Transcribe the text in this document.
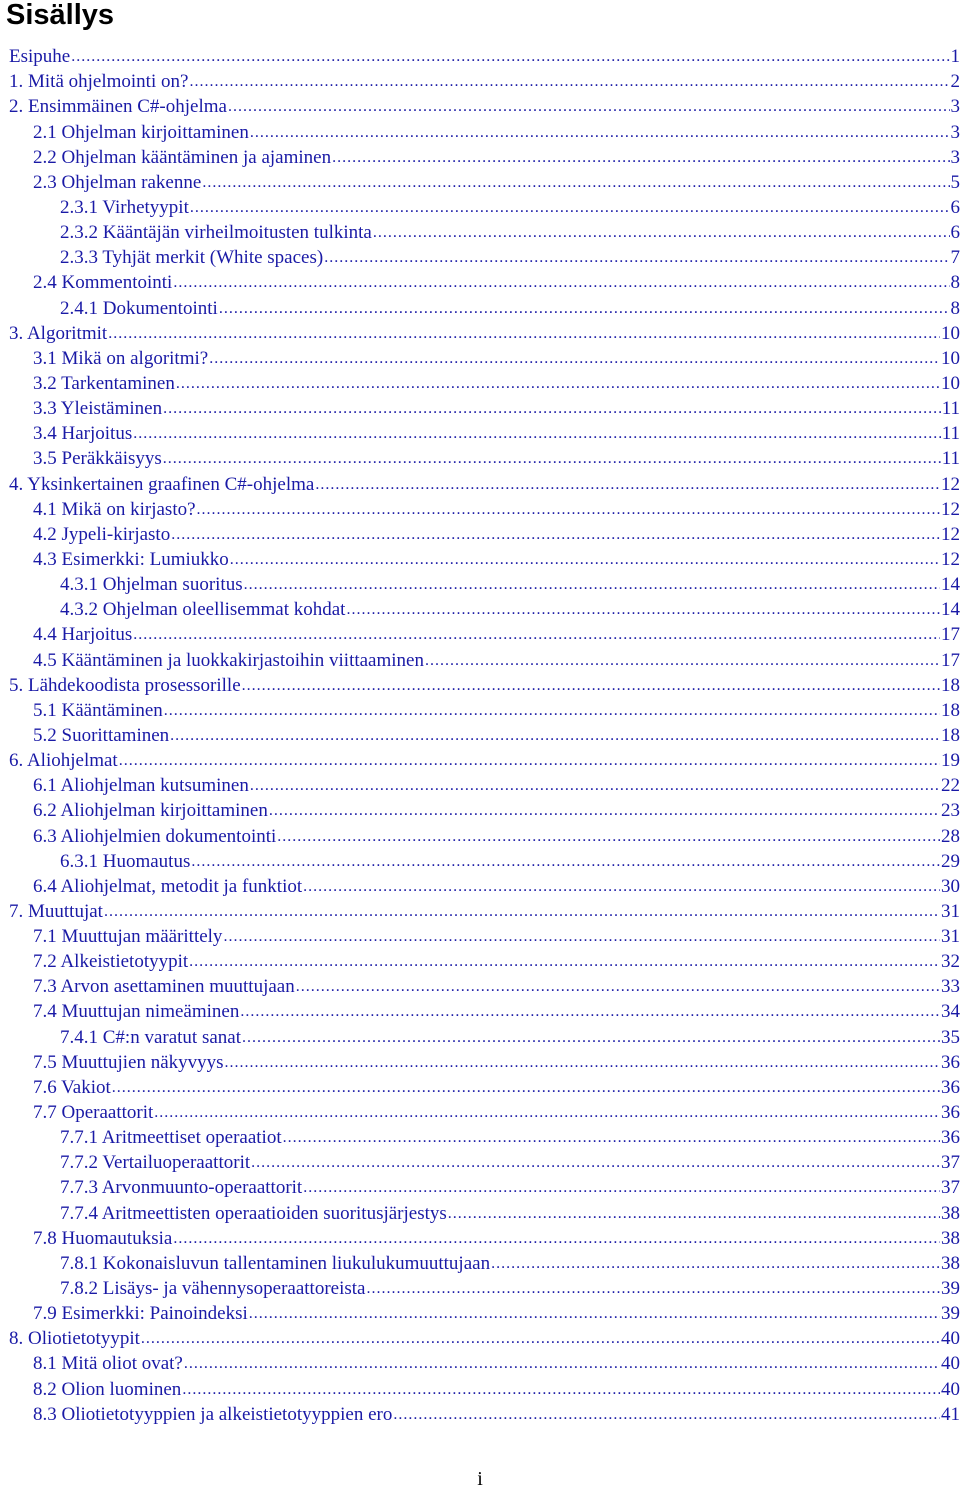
Sisällys
Esipuhe .....	1
1. Mitä ohjelmointi on? .....	2
2. Ensimmäinen C#-ohjelma .....	3
2.1 Ohjelman kirjoittaminen .....	3
2.2 Ohjelman kääntäminen ja ajaminen .....	3
2.3 Ohjelman rakenne .....	5
2.3.1 Virhetyypit .....	6
2.3.2 Kääntäjän virheilmoitusten tulkinta .....	6
2.3.3 Tyhjät merkit (White spaces) .....	7
2.4 Kommentointi .....	8
2.4.1 Dokumentointi .....	8
3. Algoritmit .....	10
3.1 Mikä on algoritmi? .....	10
3.2 Tarkentaminen .....	10
3.3 Yleistäminen .....	11
3.4 Harjoitus .....	11
3.5 Peräkkäisyys .....	11
4. Yksinkertainen graafinen C#-ohjelma .....	12
4.1 Mikä on kirjasto? .....	12
4.2 Jypeli-kirjasto .....	12
4.3 Esimerkki: Lumiukko .....	12
4.3.1 Ohjelman suoritus .....	14
4.3.2 Ohjelman oleellisemmat kohdat .....	14
4.4 Harjoitus .....	17
4.5 Kääntäminen ja luokkakirjastoihin viittaaminen .....	17
5. Lähdekoodista prosessorille .....	18
5.1 Kääntäminen .....	18
5.2 Suorittaminen .....	18
6. Aliohjelmat .....	19
6.1 Aliohjelman kutsuminen .....	22
6.2 Aliohjelman kirjoittaminen .....	23
6.3 Aliohjelmien dokumentointi .....	28
6.3.1 Huomautus .....	29
6.4 Aliohjelmat, metodit ja funktiot .....	30
7. Muuttujat .....	31
7.1 Muuttujan määrittely .....	31
7.2 Alkeistietotyypit .....	32
7.3 Arvon asettaminen muuttujaan .....	33
7.4 Muuttujan nimeäminen .....	34
7.4.1 C#:n varatut sanat .....	35
7.5 Muuttujien näkyvyys .....	36
7.6 Vakiot .....	36
7.7 Operaattorit .....	36
7.7.1 Aritmeettiset operaatiot .....	36
7.7.2 Vertailuoperaattorit .....	37
7.7.3 Arvonmuunto-operaattorit .....	37
7.7.4 Aritmeettisten operaatioiden suoritusjärjestys .....	38
7.8 Huomautuksia .....	38
7.8.1 Kokonaisluvun tallentaminen liukulukumuuttujaan .....	38
7.8.2 Lisäys- ja vähennysoperaattoreista .....	39
7.9 Esimerkki: Painoindeksi .....	39
8. Oliotietotyypit .....	40
8.1 Mitä oliot ovat? .....	40
8.2 Olion luominen .....	40
8.3 Oliotietotyyppien ja alkeistietotyyppien ero .....	41
i
